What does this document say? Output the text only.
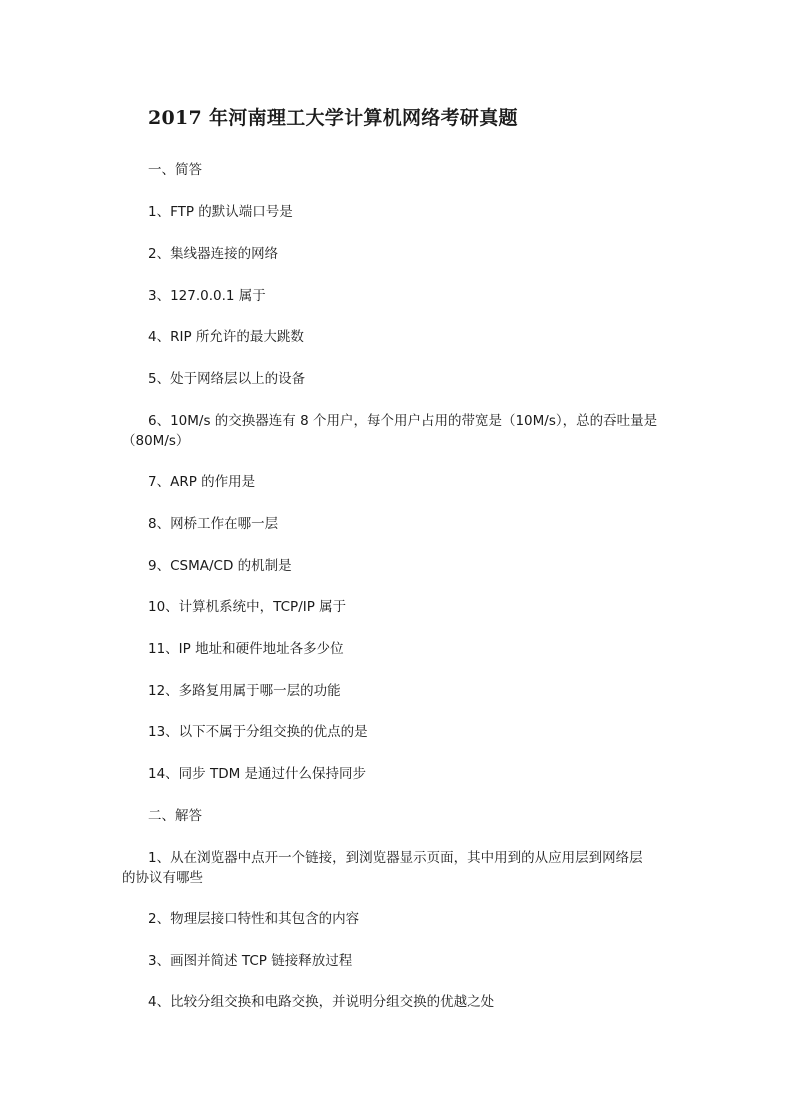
2017 年河南理工大学计算机网络考研真题
一、简答
1、FTP 的默认端口号是
2、集线器连接的网络
3、127.0.0.1 属于
4、RIP 所允许的最大跳数
5、处于网络层以上的设备
6、10M/s 的交换器连有 8 个用户，每个用户占用的带宽是（10M/s），总的吞吐量是
（80M/s）
7、ARP 的作用是
8、网桥工作在哪一层
9、CSMA/CD 的机制是
10、计算机系统中，TCP/IP 属于
11、IP 地址和硬件地址各多少位
12、多路复用属于哪一层的功能
13、以下不属于分组交换的优点的是
14、同步 TDM 是通过什么保持同步
二、解答
1、从在浏览器中点开一个链接，到浏览器显示页面，其中用到的从应用层到网络层
的协议有哪些
2、物理层接口特性和其包含的内容
3、画图并简述 TCP 链接释放过程
4、比较分组交换和电路交换，并说明分组交换的优越之处
